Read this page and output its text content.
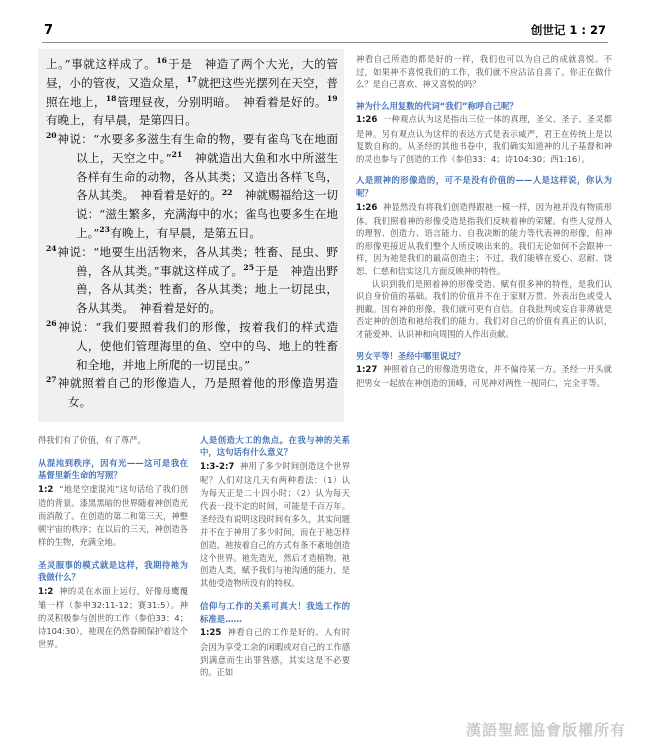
7	创世记 1 : 27

上。”事就这样成了。$^{16}$于是　神造了两个大光，大的管昼，小的管夜，又造众星，$^{17}$就把这些光摆列在天空，普照在地上，$^{18}$管理昼夜，分别明暗。　神看着是好的。$^{19}$有晚上，有早晨，是第四日。

$^{20}$神说：“水要多多滋生有生命的物，要有雀鸟飞在地面以上，天空之中。”$^{21}$　神就造出大鱼和水中所滋生各样有生命的动物，各从其类；又造出各样飞鸟，各从其类。　神看着是好的。$^{22}$　神就赐福给这一切说：“滋生繁多，充满海中的水；雀鸟也要多生在地上。”$^{23}$有晚上，有早晨，是第五日。

$^{24}$神说：“地要生出活物来，各从其类；牲畜、昆虫、野兽，各从其类。”事就这样成了。$^{25}$于是　神造出野兽，各从其类；牲畜，各从其类；地上一切昆虫，各从其类。　神看着是好的。

$^{26}$神说：“我们要照着我们的形像，按着我们的样式造人，使他们管理海里的鱼、空中的鸟、地上的牲畜和全地，并地上所爬的一切昆虫。”

$^{27}$神就照着自己的形像造人，乃是照着他的形像造男造女。

神看自己所造的都是好的一样，我们也可以为自己的成就喜悦。不过，如果神不喜悦我们的工作，我们就不应沾沾自喜了。你正在做什么？是自己喜欢、神又喜悦的吗？

神为什么用复数的代词“我们”称呼自己呢？

1:26 一种观点认为这是指出三位一体的真理，圣父、圣子、圣灵都是神。另有观点认为这样的表达方式是表示威严，君王在传统上是以复数自称的。从圣经的其他书卷中，我们确实知道神的儿子基督和神的灵也参与了创造的工作（参伯33：4；诗104:30；西1:16）。

人是照神的形像造的，可不是没有价值的——人是这样说，你认为呢？

1:26 神显然没有将我们创造得跟祂一模一样，因为祂并没有物质形体。我们照着神的形像受造是指我们反映着神的荣耀。有些人觉得人的理智、创造力、语言能力、自我决断的能力等代表神的形像，但神的形像更接近从我们整个人所反映出来的。我们无论如何不会跟神一样，因为祂是我们的最高创造主；不过，我们能够在爱心、忍耐、饶恕、仁慈和信实这几方面反映神的特性。

认识到我们是照着神的形像受造、赋有很多神的特性，是我们认识自身价值的基础。我们的价值并不在于家财万贯、外表出色或受人拥戴。因有神的形像，我们就可更有自信。自我批判或妄自菲薄就是否定神的创造和祂给我们的能力。我们对自己的价值有真正的认识，才能爱神、认识神和向周围的人作出贡献。

男女平等！圣经中哪里说过？

1:27 神照着自己的形像造男造女，并不偏待某一方。圣经一开头就把男女一起放在神创造的顶峰，可见神对两性一视同仁，完全平等。

得我们有了价值，有了尊严。

从混沌到秩序，因有光——这可是我在基督里新生命的写照？

1:2 “地是空虚混沌”这句话给了我们创造的背景。漆黑黑暗的世界随着神创造光而消散了。在创造的第二和第三天，神整顿宇宙的秩序；在以后的三天，神创造各样的生物，充满全地。

圣灵服事的模式就是这样，我期待祂为我做什么？

1:2 神的灵在水面上运行，好像母鹰覆雏一样（参申32:11-12；赛31:5）。神的灵积极参与创世的工作（参伯33：4；诗104:30），祂现在仍然眷顾保护着这个世界。

人是创造大工的焦点。在我与神的关系中，这句话有什么意义？

1:3-2:7 神用了多少时间创造这个世界呢？人们对这几天有两种看法：（1）认为每天正是二十四小时；（2）认为每天代表一段不定的时间，可能是千百万年。圣经没有说明这段时间有多久，其实问题并不在于神用了多少时间，而在于祂怎样创造。祂按着自己的方式有条不紊地创造这个世界。祂先造光，然后才造植物。祂创造人类，赋予我们与祂沟通的能力，是其他受造物所没有的特权。

信仰与工作的关系可真大！我选工作的标准是……

1:25 神看自己的工作是好的。人有时会因为享受工余的闲暇或对自己的工作感到满意而生出罪咎感，其实这是不必要的。正如

漢語聖經協會版權所有
